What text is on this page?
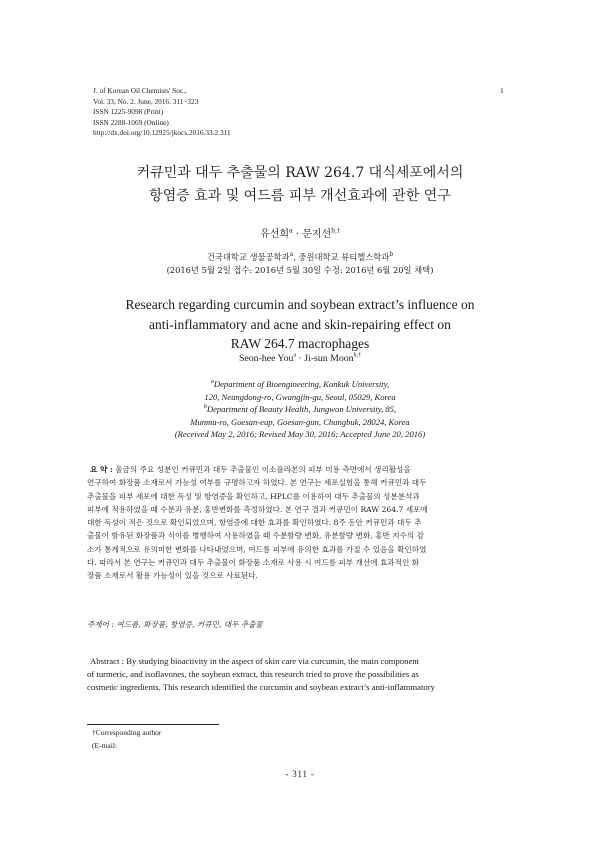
J. of Korean Oil Chemists' Soc.,
Vol. 33, No. 2. June, 2016. 311~323
ISSN 1225-9098 (Print)
ISSN 2288-1069 (Online)
http://dx.doi.org/10.12925/jkocs.2016.33.2.311
1
커큐민과 대두 추출물의 RAW 264.7 대식세포에서의
항염증 효과 및 여드름 피부 개선효과에 관한 연구
유선희$^a$ · 문지선$^{b,\dagger}$
건국대학교 생물공학과$^a$, 중원대학교 뷰티헬스학과$^b$
(2016년 5월 2일 접수: 2016년 5월 30일 수정: 2016년 6월 20일 채택)
Research regarding curcumin and soybean extract’s influence on
anti-inflammatory and acne and skin-repairing effect on
RAW 264.7 macrophages
Seon-hee You$^a$ · Ji-sun Moon$^{b,\dagger}$
$^a$Department of Bioengineering, Konkuk University,
120, Neungdong-ro, Gwangjin-gu, Seoul, 05029, Korea
$^b$Department of Beauty Health, Jungwon University, 85,
Munmu-ro, Goesan-eup, Goesan-gun, Chungbuk, 28024, Korea
(Received May 2, 2016; Revised May 30, 2016; Accepted June 20, 2016)
요 약 : 울금의 주요 성분인 커큐민과 대두 추출물인 이소플라본의 피부 미용 측면에서 생리활성을
연구하여 화장품 소재로서 가능성 여부를 규명하고자 하였다. 본 연구는 세포실험을 통해 커큐민과 대두
추출물을 피부 세포에 대한 독성 및 항염증을 확인하고, HPLC를 이용하여 대두 추출물의 성분분석과
피부에 적용하였을 때 수분과 유분, 홍반변화를 측정하였다. 본 연구 결과 커큐민이 RAW 264.7 세포에
대한 독성이 적은 것으로 확인되었으며, 항염증에 대한 효과를 확인하였다. 8주 동안 커큐민과 대두 추
출물이 함유된 화장품과 식이를 병행하여 사용하였을 때 수분함량 변화, 유분함량 변화, 홍반 지수의 감
소가 통계적으로 유의미한 변화를 나타내었으며, 여드름 피부에 유의한 효과를 가질 수 있음을 확인하였
다. 따라서 본 연구는 커큐민과 대두 추출물이 화장품 소재로 사용 시 여드름 피부 개선에 효과적인 화
장품 소재로서 활용 가능성이 있을 것으로 사료된다.
주제어 : 여드름, 화장품, 항염증, 커큐민, 대두 추출물
Abstract : By studying bioactivity in the aspect of skin care via curcumin, the main component
of turmeric, and isoflavones, the soybean extract, this research tried to prove the possibilities as
cosmetic ingredients. This research identified the curcumin and soybean extract’s anti-inflammatory
†Corresponding author
(E-mail:
- 311 -
